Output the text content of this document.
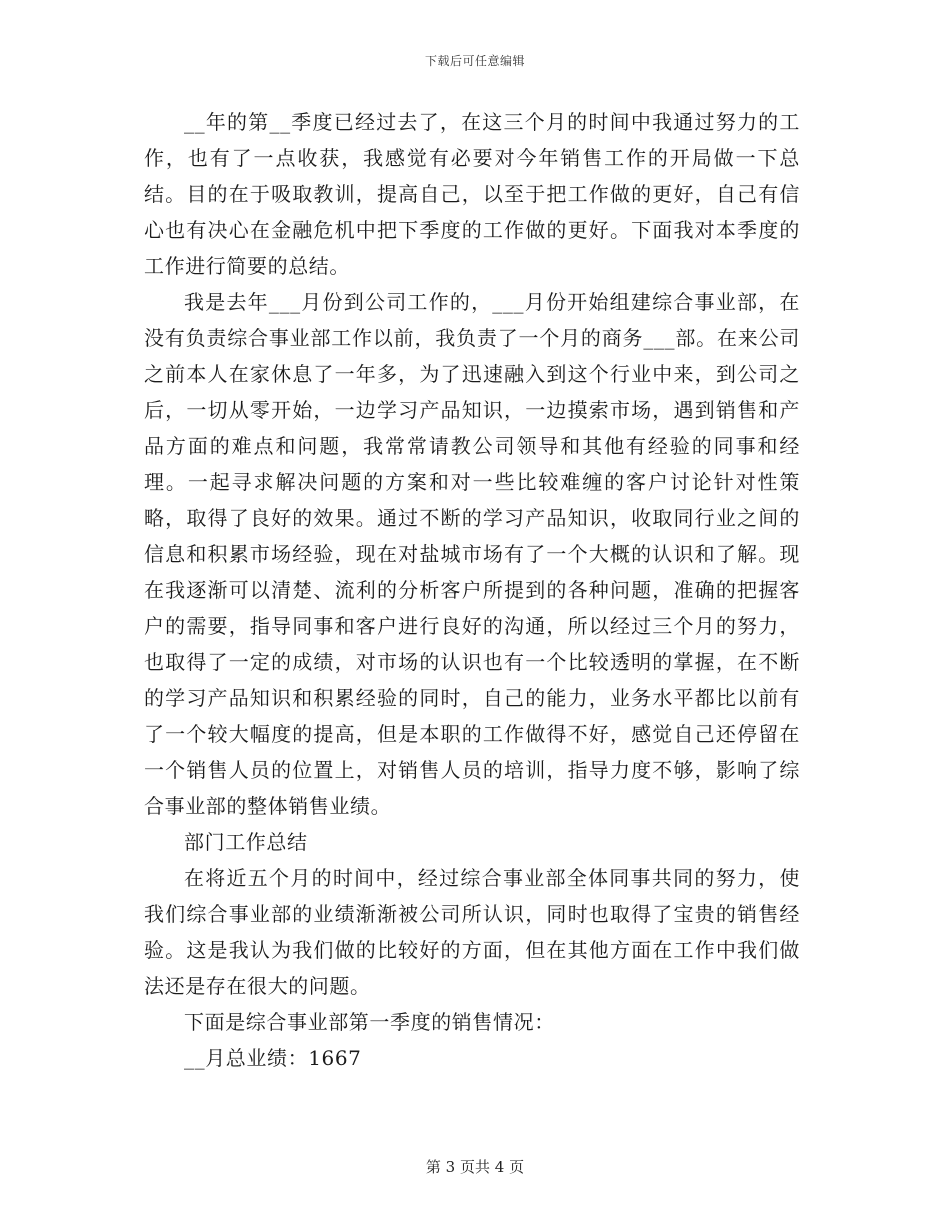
下载后可任意编辑

__年的第__季度已经过去了，在这三个月的时间中我通过努力的工作，也有了一点收获，我感觉有必要对今年销售工作的开局做一下总结。目的在于吸取教训，提高自己，以至于把工作做的更好，自己有信心也有决心在金融危机中把下季度的工作做的更好。下面我对本季度的工作进行简要的总结。

我是去年___月份到公司工作的，___月份开始组建综合事业部，在没有负责综合事业部工作以前，我负责了一个月的商务___部。在来公司之前本人在家休息了一年多，为了迅速融入到这个行业中来，到公司之后，一切从零开始，一边学习产品知识，一边摸索市场，遇到销售和产品方面的难点和问题，我常常请教公司领导和其他有经验的同事和经理。一起寻求解决问题的方案和对一些比较难缠的客户讨论针对性策略，取得了良好的效果。通过不断的学习产品知识，收取同行业之间的信息和积累市场经验，现在对盐城市场有了一个大概的认识和了解。现在我逐渐可以清楚、流利的分析客户所提到的各种问题，准确的把握客户的需要，指导同事和客户进行良好的沟通，所以经过三个月的努力，也取得了一定的成绩，对市场的认识也有一个比较透明的掌握，在不断的学习产品知识和积累经验的同时，自己的能力，业务水平都比以前有了一个较大幅度的提高，但是本职的工作做得不好，感觉自己还停留在一个销售人员的位置上，对销售人员的培训，指导力度不够，影响了综合事业部的整体销售业绩。

部门工作总结

在将近五个月的时间中，经过综合事业部全体同事共同的努力，使我们综合事业部的业绩渐渐被公司所认识，同时也取得了宝贵的销售经验。这是我认为我们做的比较好的方面，但在其他方面在工作中我们做法还是存在很大的问题。

下面是综合事业部第一季度的销售情况：

__月总业绩：1667

第 3 页共 4 页
